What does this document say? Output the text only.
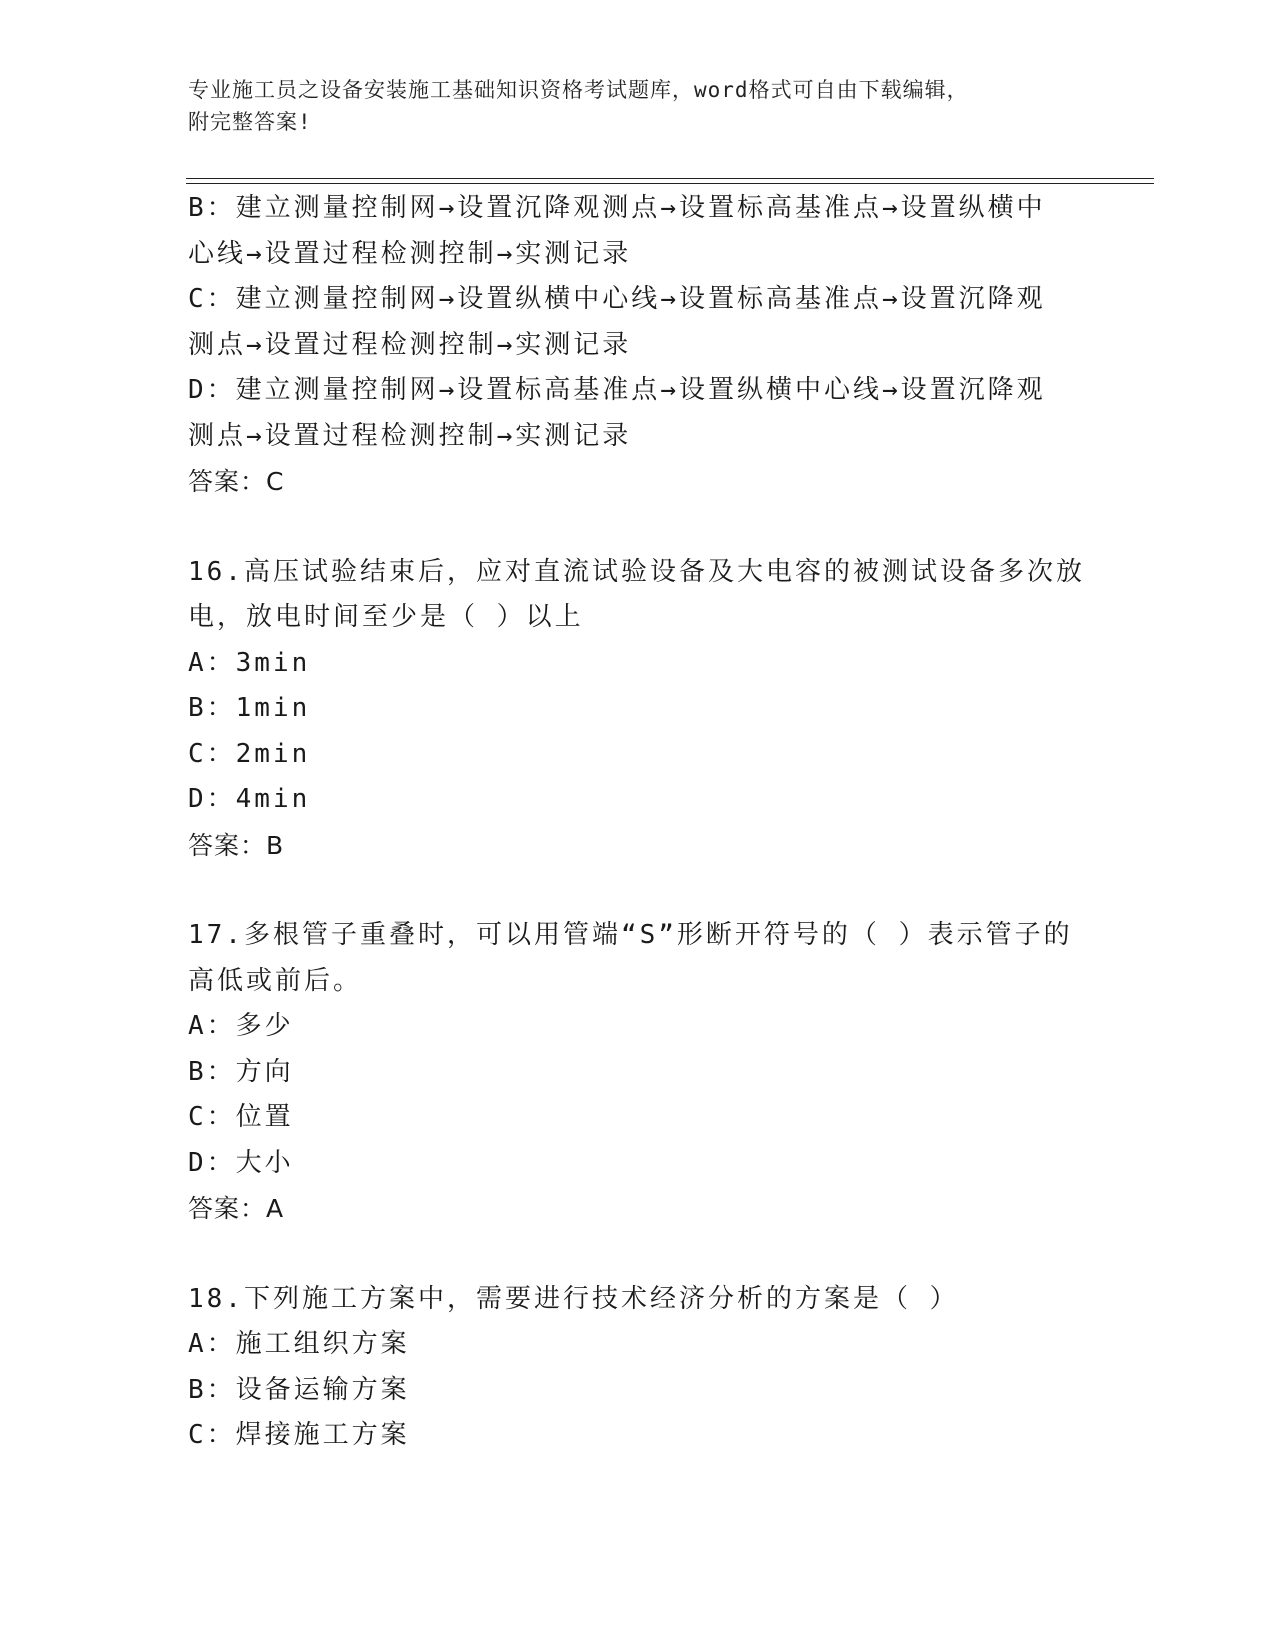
专业施工员之设备安装施工基础知识资格考试题库，word格式可自由下载编辑，
附完整答案!
B：建立测量控制网→设置沉降观测点→设置标高基准点→设置纵横中
心线→设置过程检测控制→实测记录
C：建立测量控制网→设置纵横中心线→设置标高基准点→设置沉降观
测点→设置过程检测控制→实测记录
D：建立测量控制网→设置标高基准点→设置纵横中心线→设置沉降观
测点→设置过程检测控制→实测记录
答案：C
16.高压试验结束后，应对直流试验设备及大电容的被测试设备多次放
电，放电时间至少是（ ）以上
A：3min
B：1min
C：2min
D：4min
答案：B
17.多根管子重叠时，可以用管端“S”形断开符号的（ ）表示管子的
高低或前后。
A：多少
B：方向
C：位置
D：大小
答案：A
18.下列施工方案中，需要进行技术经济分析的方案是（ ）
A：施工组织方案
B：设备运输方案
C：焊接施工方案
